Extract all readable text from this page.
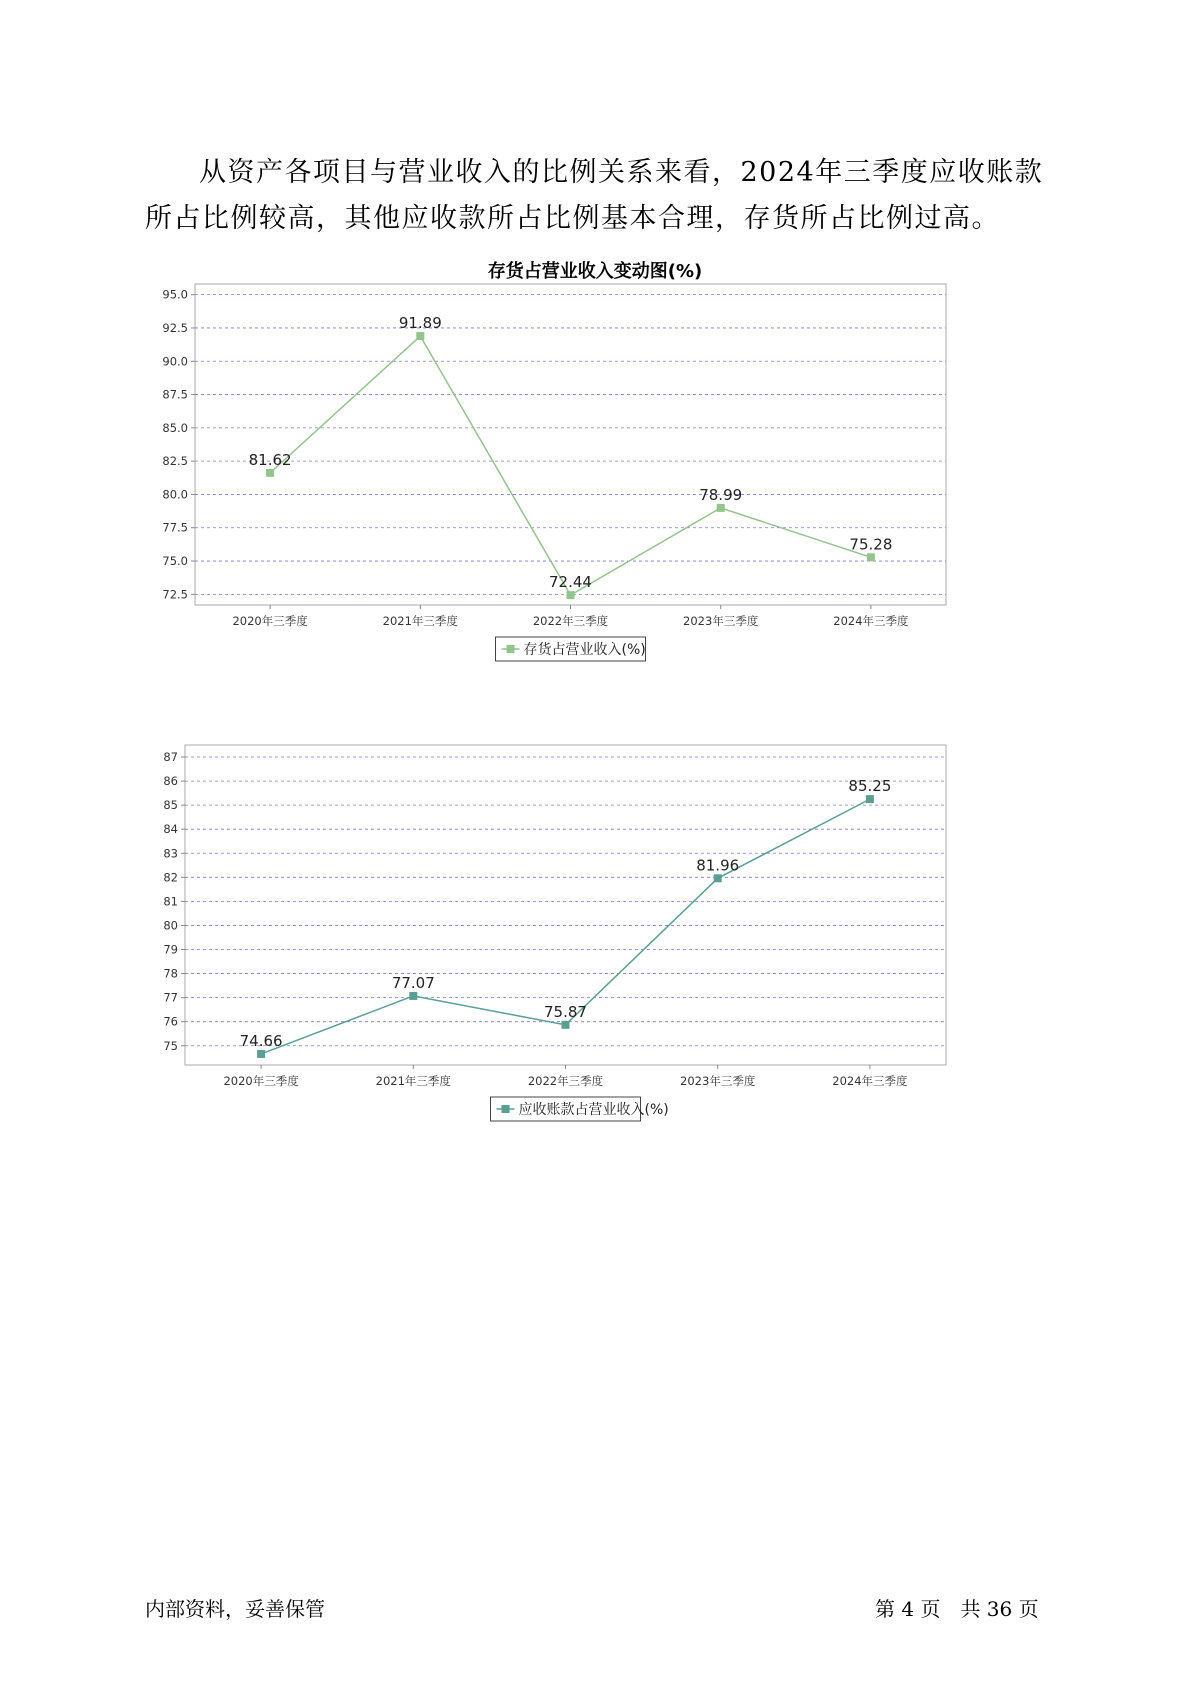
从资产各项目与营业收入的比例关系来看，2024年三季度应收账款所占比例较高，其他应收款所占比例基本合理，存货所占比例过高。

存货占营业收入变动图(%)
72.5
75.0
77.5
80.0
82.5
85.0
87.5
90.0
92.5
95.0
2020年三季度	2021年三季度	2022年三季度	2023年三季度	2024年三季度
81.62
91.89
72.44
78.99
75.28
存货占营业收入(%)
75
76
77
78
79
80
81
82
83
84
85
86
87
2020年三季度	2021年三季度	2022年三季度	2023年三季度	2024年三季度
74.66
77.07
75.87
81.96
85.25
应收账款占营业收入(%)
内部资料，妥善保管	第 4 页　共 36 页
